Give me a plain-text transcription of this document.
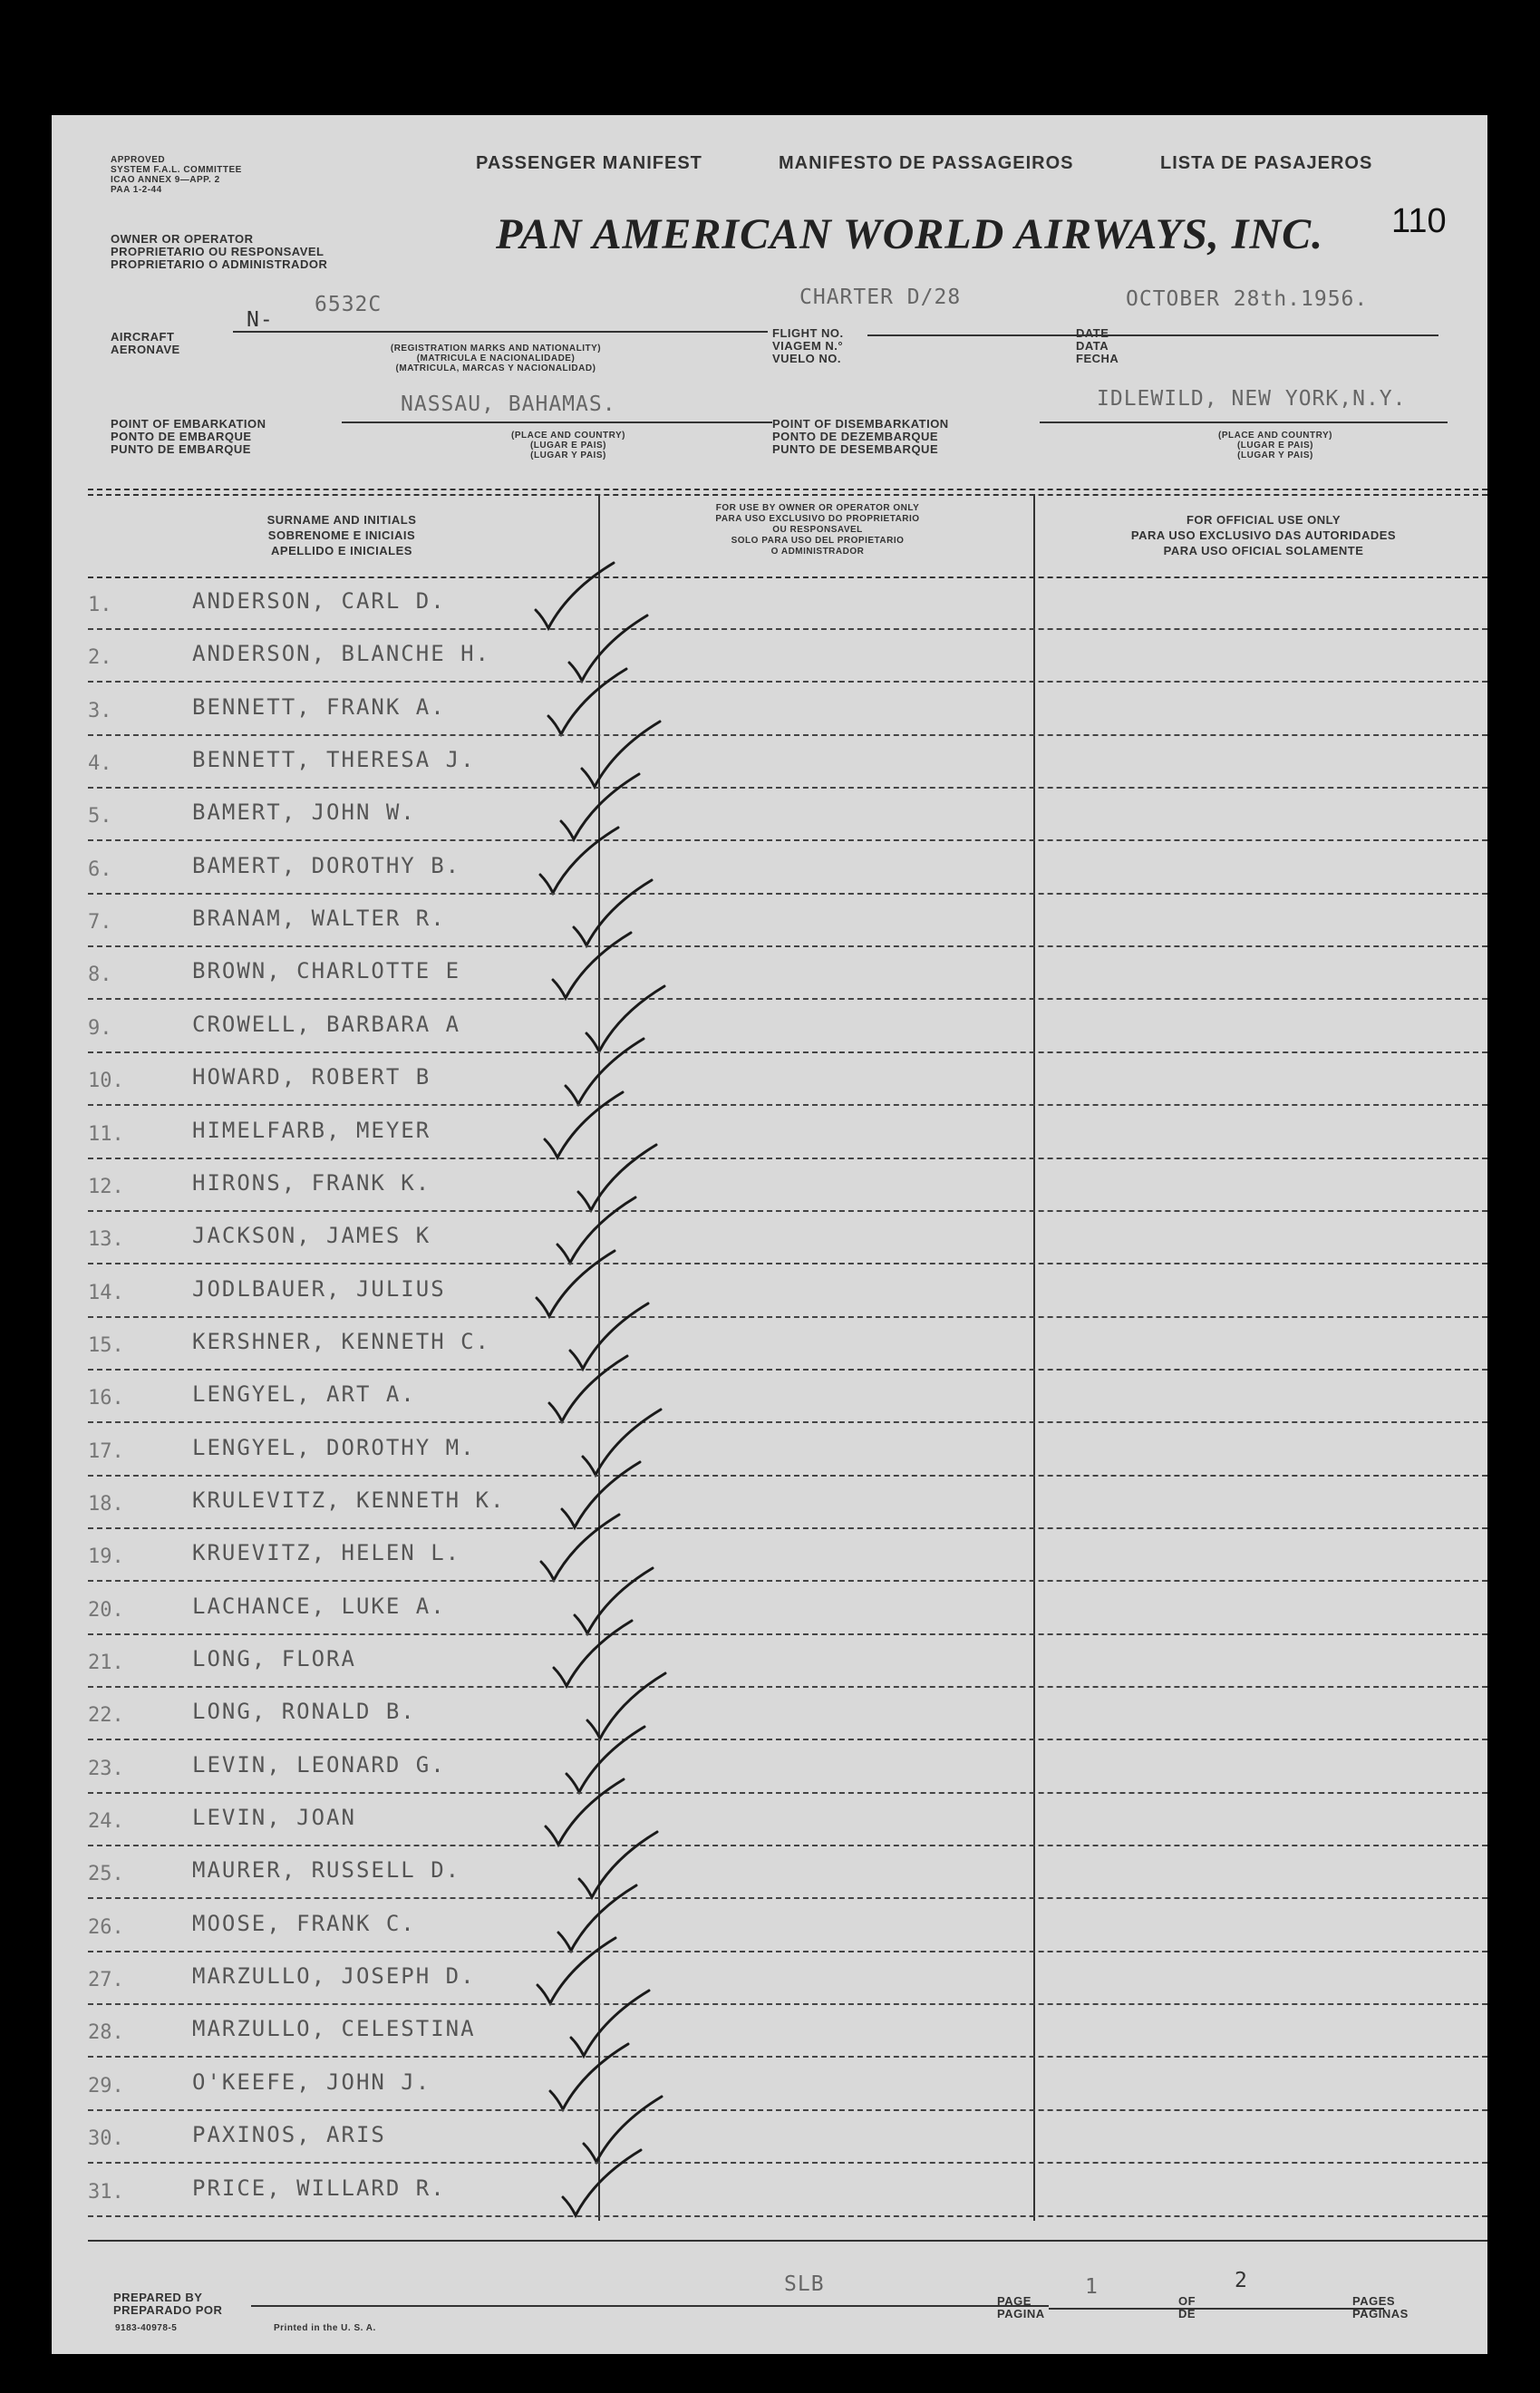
APPROVED
SYSTEM F.A.L. COMMITTEE
ICAO ANNEX 9—APP. 2
PAA 1-2-44
PASSENGER MANIFEST	MANIFESTO DE PASSAGEIROS	LISTA DE PASAJEROS
110
OWNER OR OPERATOR
PROPRIETARIO OU RESPONSAVEL
PROPRIETARIO O ADMINISTRADOR
PAN AMERICAN WORLD AIRWAYS, INC.
AIRCRAFT
AERONAVE
N-
6532C
(REGISTRATION MARKS AND NATIONALITY)
(MATRICULA E NACIONALIDADE)
(MATRICULA, MARCAS Y NACIONALIDAD)
FLIGHT NO.
VIAGEM N.°
VUELO NO.
CHARTER D/28
DATE
DATA
FECHA
OCTOBER 28th.1956.
POINT OF EMBARKATION
PONTO DE EMBARQUE
PUNTO DE EMBARQUE
NASSAU, BAHAMAS.
(PLACE AND COUNTRY)
(LUGAR E PAIS)
(LUGAR Y PAIS)
POINT OF DISEMBARKATION
PONTO DE DEZEMBARQUE
PUNTO DE DESEMBARQUE
IDLEWILD, NEW YORK,N.Y.
(PLACE AND COUNTRY)
(LUGAR E PAIS)
(LUGAR Y PAIS)
SURNAME AND INITIALS
SOBRENOME E INICIAIS
APELLIDO E INICIALES
FOR USE BY OWNER OR OPERATOR ONLY
PARA USO EXCLUSIVO DO PROPRIETARIO
OU RESPONSAVEL
SOLO PARA USO DEL PROPIETARIO
O ADMINISTRADOR
FOR OFFICIAL USE ONLY
PARA USO EXCLUSIVO DAS AUTORIDADES
PARA USO OFICIAL SOLAMENTE
1.	ANDERSON, CARL D.
2.	ANDERSON, BLANCHE H.
3.	BENNETT, FRANK A.
4.	BENNETT, THERESA J.
5.	BAMERT, JOHN W.
6.	BAMERT, DOROTHY B.
7.	BRANAM, WALTER R.
8.	BROWN, CHARLOTTE E
9.	CROWELL, BARBARA A
10.	HOWARD, ROBERT B
11.	HIMELFARB, MEYER
12.	HIRONS, FRANK K.
13.	JACKSON, JAMES K
14.	JODLBAUER, JULIUS
15.	KERSHNER, KENNETH C.
16.	LENGYEL, ART A.
17.	LENGYEL, DOROTHY M.
18.	KRULEVITZ, KENNETH K.
19.	KRUEVITZ, HELEN L.
20.	LACHANCE, LUKE A.
21.	LONG, FLORA
22.	LONG, RONALD B.
23.	LEVIN, LEONARD G.
24.	LEVIN, JOAN
25.	MAURER, RUSSELL D.
26.	MOOSE, FRANK C.
27.	MARZULLO, JOSEPH D.
28.	MARZULLO, CELESTINA
29.	O'KEEFE, JOHN J.
30.	PAXINOS, ARIS
31.	PRICE, WILLARD R.
PREPARED BY
PREPARADO POR
SLB
PAGE
PAGINA
1
OF
DE
2
PAGES
PAGINAS
9183-40978-5	Printed in the U. S. A.
